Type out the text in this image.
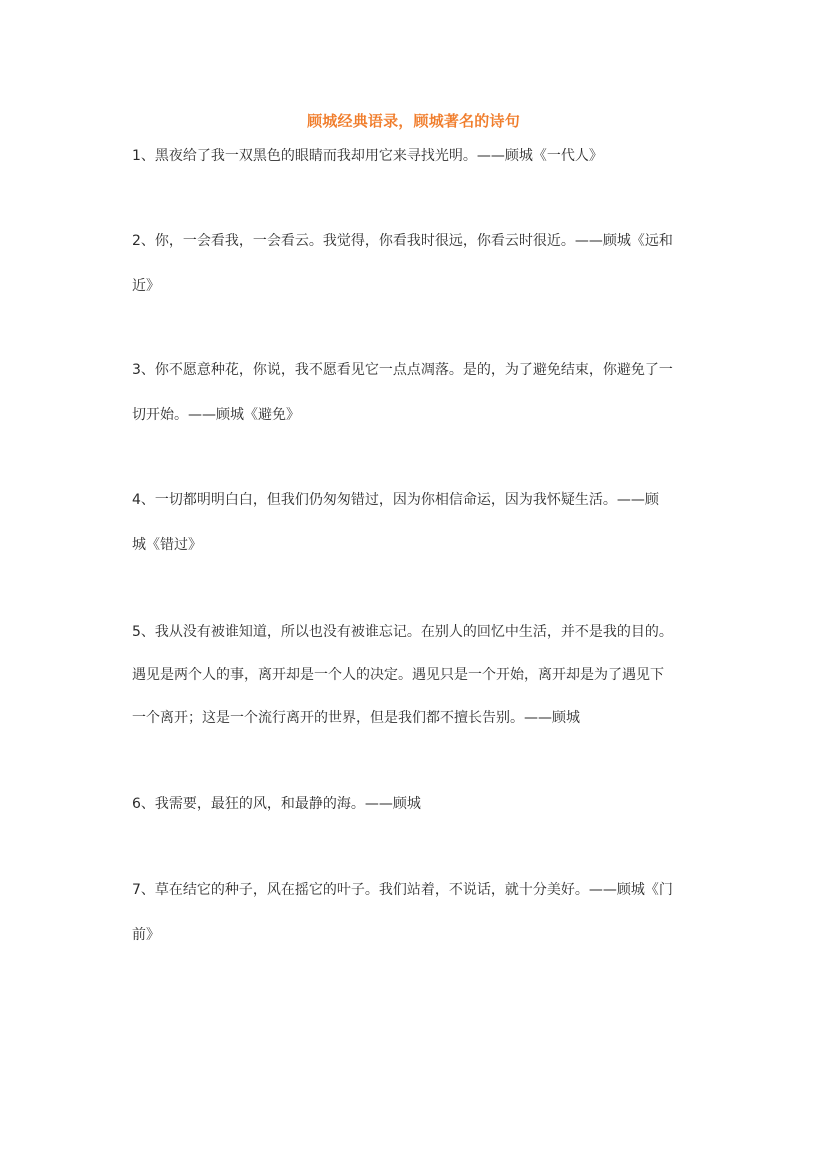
顾城经典语录，顾城著名的诗句
1、黑夜给了我一双黑色的眼睛而我却用它来寻找光明。——顾城《一代人》
2、你，一会看我，一会看云。我觉得，你看我时很远，你看云时很近。——顾城《远和
近》
3、你不愿意种花，你说，我不愿看见它一点点凋落。是的，为了避免结束，你避免了一
切开始。——顾城《避免》
4、一切都明明白白，但我们仍匆匆错过，因为你相信命运，因为我怀疑生活。——顾
城《错过》
5、我从没有被谁知道，所以也没有被谁忘记。在别人的回忆中生活，并不是我的目的。
遇见是两个人的事，离开却是一个人的决定。遇见只是一个开始，离开却是为了遇见下
一个离开；这是一个流行离开的世界，但是我们都不擅长告别。——顾城
6、我需要，最狂的风，和最静的海。——顾城
7、草在结它的种子，风在摇它的叶子。我们站着，不说话，就十分美好。——顾城《门
前》
